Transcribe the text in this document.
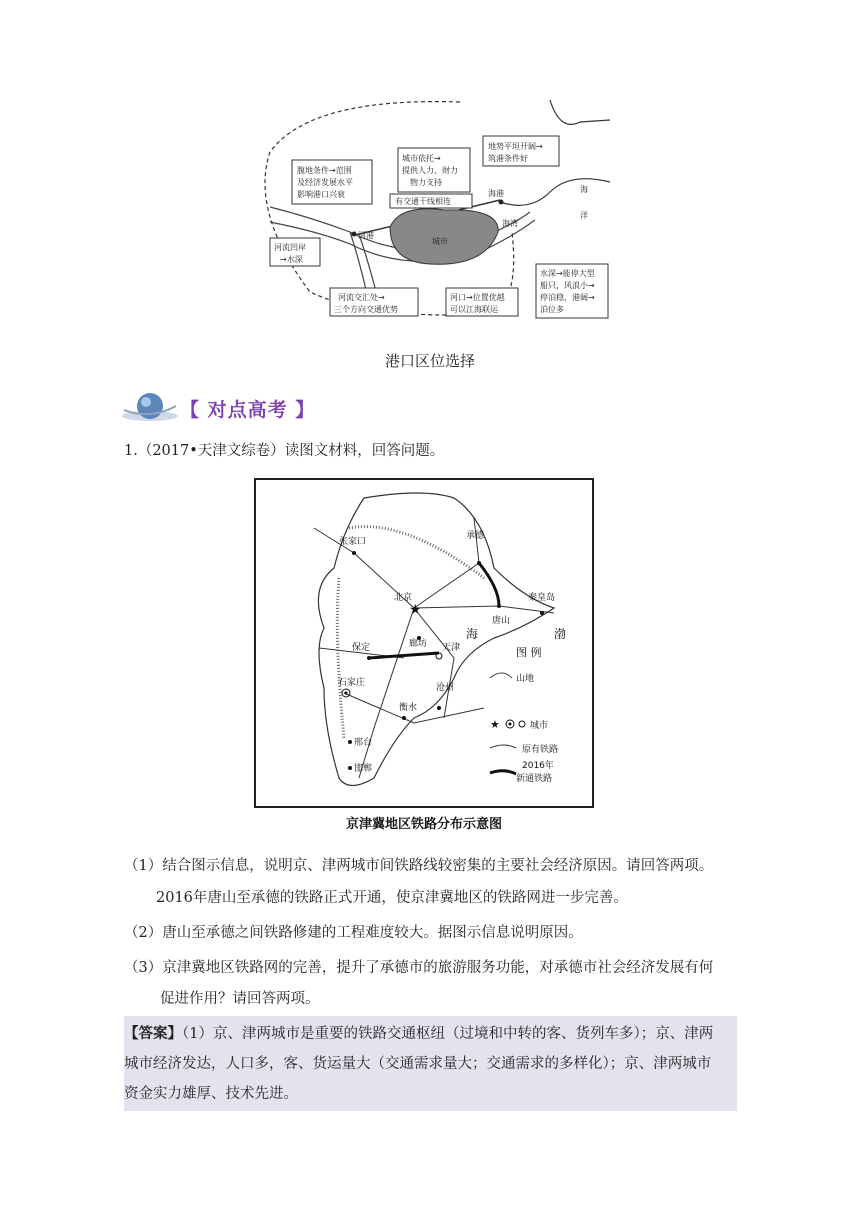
城市
河港
海港
海湾
海
洋
腹地条件→范围
及经济发展水平
影响港口兴衰
城市依托→
提供人力、财力
物力支持
有交通干线相连
地势平坦开阔→
筑港条件好
河流凹岸
→水深
河流交汇处→
三个方向交通优势
河口→位置优越
可以江海联运
水深→能停大型
船只，风浪小→
停泊稳，港阔→
泊位多
港口区位选择
【 对点高考 】
1.（2017•天津文综卷）读图文材料，回答问题。
★
张家口
承德
北京
廊坊
唐山
秦皇岛
天津
保定
石家庄	沧州
衡水
邢台
邯郸
渤
海
图 例
山地
★	城市
原有铁路
2016年
新通铁路
京津冀地区铁路分布示意图
（1）结合图示信息，说明京、津两城市间铁路线较密集的主要社会经济原因。请回答两项。
2016年唐山至承德的铁路正式开通，使京津冀地区的铁路网进一步完善。
（2）唐山至承德之间铁路修建的工程难度较大。据图示信息说明原因。
（3）京津冀地区铁路网的完善，提升了承德市的旅游服务功能，对承德市社会经济发展有何
促进作用？请回答两项。
【答案】（1）京、津两城市是重要的铁路交通枢纽（过境和中转的客、货列车多）；京、津两
城市经济发达，人口多，客、货运量大（交通需求量大；交通需求的多样化）；京、津两城市
资金实力雄厚、技术先进。
